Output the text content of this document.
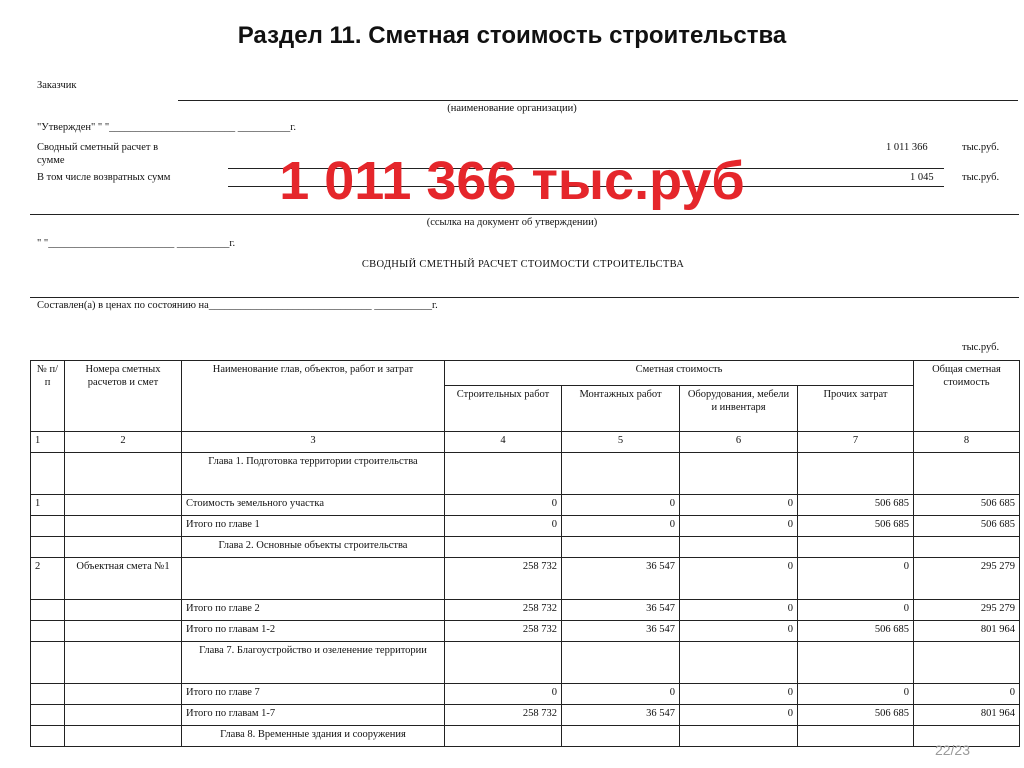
Раздел 11. Сметная стоимость строительства
Заказчик
(наименование организации)
"Утвержден" " "________________________ __________г.
Сводный сметный расчет в
сумме
1 011 366	тыс.руб.
В том числе возвратных сумм	1 045	тыс.руб.
(ссылка на документ об утверждении)
" "________________________ __________г.
СВОДНЫЙ СМЕТНЫЙ РАСЧЕТ СТОИМОСТИ СТРОИТЕЛЬСТВА
Составлен(а) в ценах по состоянию на_______________________________ ___________г.
тыс.руб.
№ п/п	Номера сметных расчетов и смет	Наименование глав, объектов, работ и затрат	Сметная стоимость				Общая сметная стоимость
			Строительных работ	Монтажных работ	Оборудования, мебели и инвентаря	Прочих затрат	
1	2	3	4	5	6	7	8
		Глава 1. Подготовка территории строительства					
1		Стоимость земельного участка	0	0	0	506 685	506 685
		Итого по главе 1	0	0	0	506 685	506 685
		Глава 2. Основные объекты строительства					
2	Объектная смета №1		258 732	36 547	0	0	295 279
		Итого по главе 2	258 732	36 547	0	0	295 279
		Итого по главам 1-2	258 732	36 547	0	506 685	801 964
		Глава 7. Благоустройство и озеленение территории					
		Итого по главе 7	0	0	0	0	0
		Итого по главам 1-7	258 732	36 547	0	506 685	801 964
		Глава 8. Временные здания и сооружения					
1 011 366 тыс.руб
22/23
